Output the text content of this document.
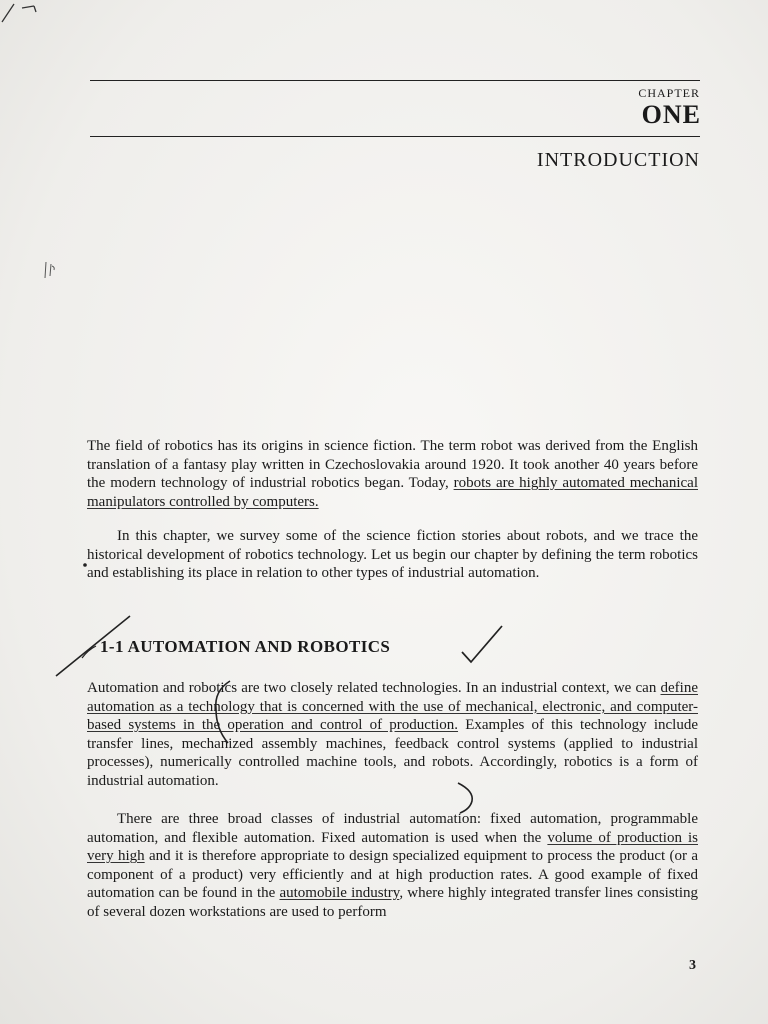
CHAPTER
ONE
INTRODUCTION

The field of robotics has its origins in science fiction. The term robot was derived from the English translation of a fantasy play written in Czechoslovakia around 1920. It took another 40 years before the modern technology of industrial robotics began. Today, robots are highly automated mechanical manipulators controlled by computers.

In this chapter, we survey some of the science fiction stories about robots, and we trace the historical development of robotics technology. Let us begin our chapter by defining the term robotics and establishing its place in relation to other types of industrial automation.

1-1 AUTOMATION AND ROBOTICS

Automation and robotics are two closely related technologies. In an industrial context, we can define automation as a technology that is concerned with the use of mechanical, electronic, and computer-based systems in the operation and control of production. Examples of this technology include transfer lines, mechanized assembly machines, feedback control systems (applied to industrial processes), numerically controlled machine tools, and robots. Accordingly, robotics is a form of industrial automation.

There are three broad classes of industrial automation: fixed automation, programmable automation, and flexible automation. Fixed automation is used when the volume of production is very high and it is therefore appropriate to design specialized equipment to process the product (or a component of a product) very efficiently and at high production rates. A good example of fixed automation can be found in the automobile industry, where highly integrated transfer lines consisting of several dozen workstations are used to perform

3
